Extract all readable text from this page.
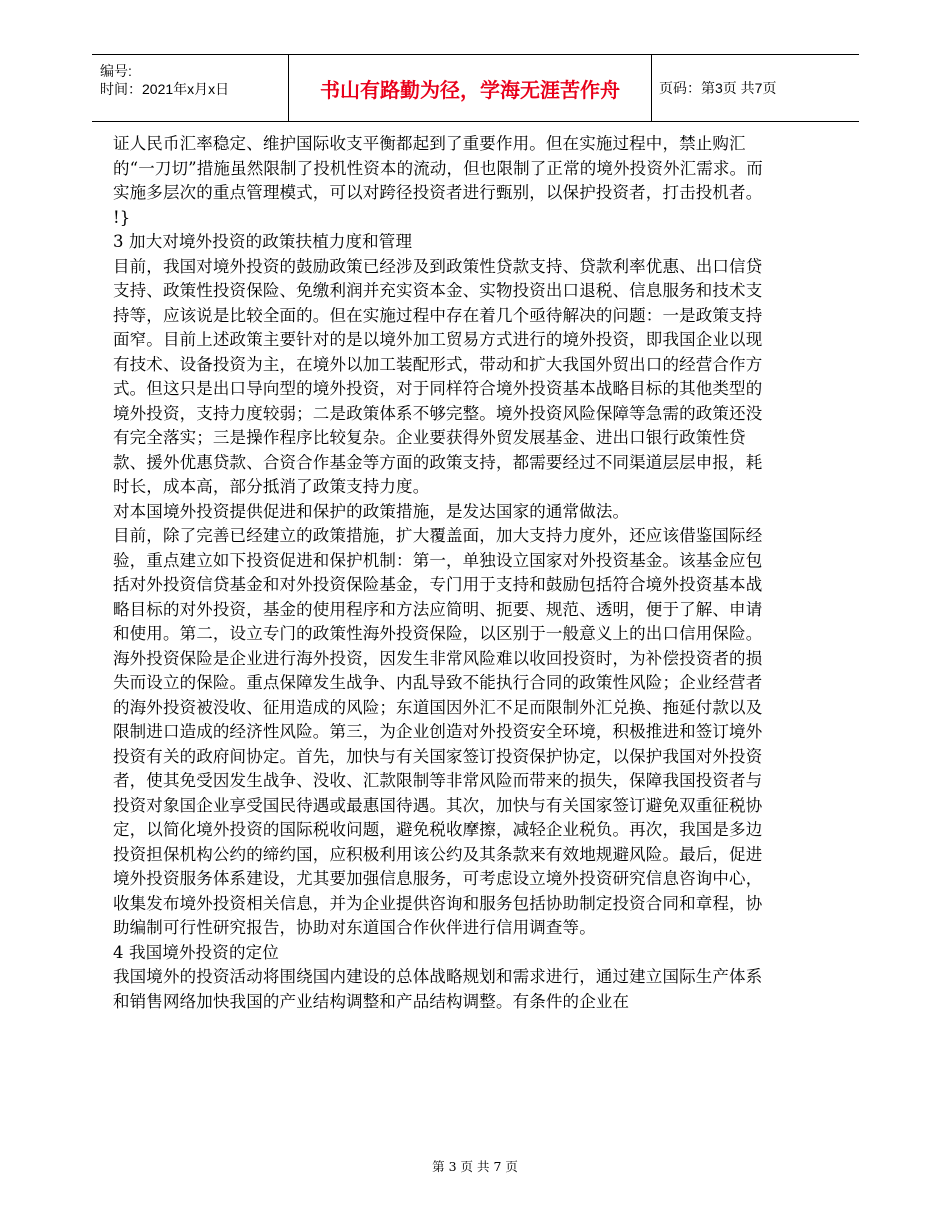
编号:
时间：2021年x月x日	书山有路勤为径，学海无涯苦作舟	页码：第3页 共7页

证人民币汇率稳定、维护国际收支平衡都起到了重要作用。但在实施过程中，禁止购汇的“一刀切”措施虽然限制了投机性资本的流动，但也限制了正常的境外投资外汇需求。而实施多层次的重点管理模式，可以对跨径投资者进行甄别，以保护投资者，打击投机者。 !}

3 加大对境外投资的政策扶植力度和管理

目前，我国对境外投资的鼓励政策已经涉及到政策性贷款支持、贷款利率优惠、出口信贷支持、政策性投资保险、免缴利润并充实资本金、实物投资出口退税、信息服务和技术支持等，应该说是比较全面的。但在实施过程中存在着几个亟待解决的问题：一是政策支持面窄。目前上述政策主要针对的是以境外加工贸易方式进行的境外投资，即我国企业以现有技术、设备投资为主，在境外以加工装配形式，带动和扩大我国外贸出口的经营合作方式。但这只是出口导向型的境外投资，对于同样符合境外投资基本战略目标的其他类型的境外投资，支持力度较弱；二是政策体系不够完整。境外投资风险保障等急需的政策还没有完全落实；三是操作程序比较复杂。企业要获得外贸发展基金、进出口银行政策性贷款、援外优惠贷款、合资合作基金等方面的政策支持，都需要经过不同渠道层层申报，耗时长，成本高，部分抵消了政策支持力度。

对本国境外投资提供促进和保护的政策措施，是发达国家的通常做法。

目前，除了完善已经建立的政策措施，扩大覆盖面，加大支持力度外，还应该借鉴国际经验，重点建立如下投资促进和保护机制：第一，单独设立国家对外投资基金。该基金应包括对外投资信贷基金和对外投资保险基金，专门用于支持和鼓励包括符合境外投资基本战略目标的对外投资，基金的使用程序和方法应简明、扼要、规范、透明，便于了解、申请和使用。第二，设立专门的政策性海外投资保险，以区别于一般意义上的出口信用保险。海外投资保险是企业进行海外投资，因发生非常风险难以收回投资时，为补偿投资者的损失而设立的保险。重点保障发生战争、内乱导致不能执行合同的政策性风险；企业经营者的海外投资被没收、征用造成的风险；东道国因外汇不足而限制外汇兑换、拖延付款以及限制进口造成的经济性风险。第三，为企业创造对外投资安全环境，积极推进和签订境外投资有关的政府间协定。首先，加快与有关国家签订投资保护协定，以保护我国对外投资者，使其免受因发生战争、没收、汇款限制等非常风险而带来的损失，保障我国投资者与投资对象国企业享受国民待遇或最惠国待遇。其次，加快与有关国家签订避免双重征税协定，以简化境外投资的国际税收问题，避免税收摩擦，减轻企业税负。再次，我国是多边投资担保机构公约的缔约国，应积极利用该公约及其条款来有效地规避风险。最后，促进境外投资服务体系建设，尤其要加强信息服务，可考虑设立境外投资研究信息咨询中心，收集发布境外投资相关信息，并为企业提供咨询和服务包括协助制定投资合同和章程，协助编制可行性研究报告，协助对东道国合作伙伴进行信用调查等。

4 我国境外投资的定位

我国境外的投资活动将围绕国内建设的总体战略规划和需求进行，通过建立国际生产体系和销售网络加快我国的产业结构调整和产品结构调整。有条件的企业在

第 3 页 共 7 页
